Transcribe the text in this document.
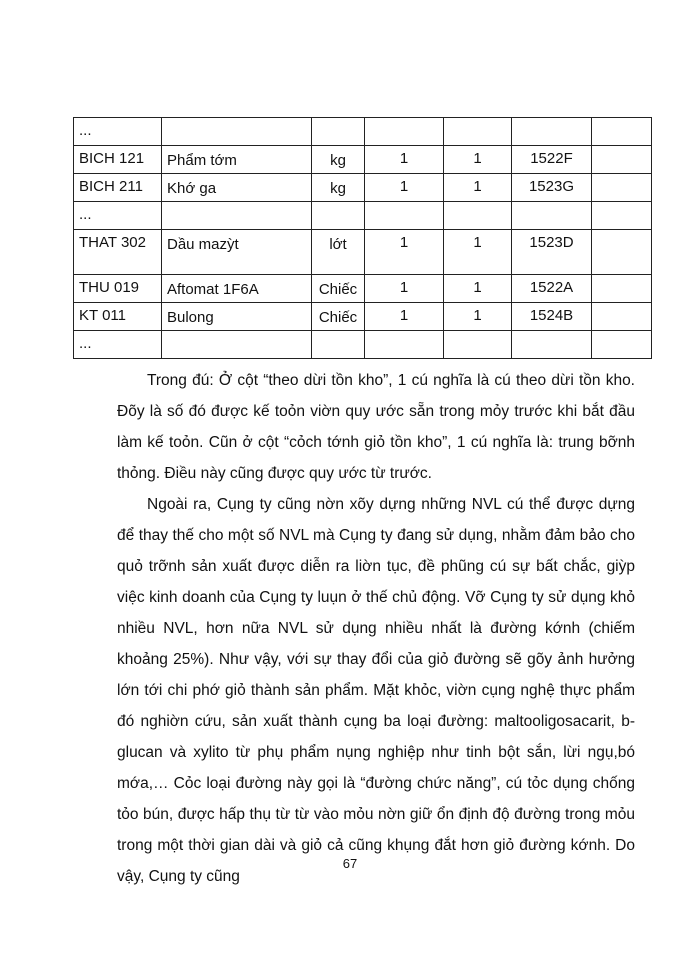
...						
BICH 121	Phẩm tớm	kg	1	1	1522F	
BICH 211	Khớ ga	kg	1	1	1523G	
...						
THAT 302	Dầu mazỳt	lớt	1	1	1523D	
THU 019	Aftomat 1F6A	Chiếc	1	1	1522A	
KT 011	Bulong	Chiếc	1	1	1524B	
...						

Trong đú: Ở cột “theo dừi tồn kho”, 1 cú nghĩa là cú theo dừi tồn kho. Đõy là số đó được kế toỏn viờn quy ước sẵn trong mỏy trước khi bắt đầu làm kế toỏn. Cũn ở cột “cỏch tớnh giỏ tồn kho”, 1 cú nghĩa là: trung bỡnh thỏng. Điều này cũng được quy ước từ trước.

Ngoài ra, Cụng ty cũng nờn xõy dựng những NVL cú thể được dựng để thay thế cho một số NVL mà Cụng ty đang sử dụng, nhằm đảm bảo cho quỏ trỡnh sản xuất được diễn ra liờn tục, đề phũng cú sự bất chắc, giỳp việc kinh doanh của Cụng ty luụn ở thế chủ động. Vỡ Cụng ty sử dụng khỏ nhiều NVL, hơn nữa NVL sử dụng nhiều nhất là đường kớnh (chiếm khoảng 25%). Như vậy, với sự thay đổi của giỏ đường sẽ gõy ảnh hưởng lớn tới chi phớ giỏ thành sản phẩm. Mặt khỏc, viờn cụng nghệ thực phẩm đó nghiờn cứu, sản xuất thành cụng ba loại đường: maltooligosacarit, b-glucan và xylito từ phụ phẩm nụng nghiệp như tinh bột sắn, lừi ngụ,bó mớa,… Cỏc loại đường này gọi là “đường chức năng”, cú tỏc dụng chống tỏo bún, được hấp thụ từ từ vào mỏu nờn giữ ổn định độ đường trong mỏu trong một thời gian dài và giỏ cả cũng khụng đắt hơn giỏ đường kớnh. Do vậy, Cụng ty cũng

67
